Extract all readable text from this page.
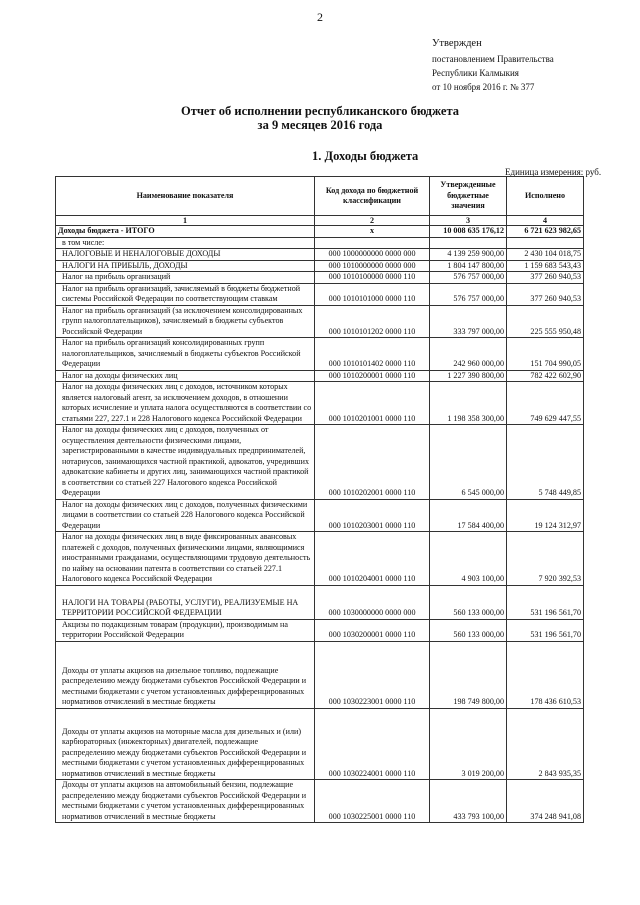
2
Утвержден
постановлением Правительства
Республики Калмыкия
от 10 ноября 2016 г. № 377
Отчет об исполнении республиканского бюджета
за 9 месяцев 2016 года
1. Доходы бюджета
Единица измерения: руб.
Наименование показателя	Код дохода по бюджетной классификации	Утвержденные бюджетные значения	Исполнено
1	2	3	4
Доходы бюджета - ИТОГО	x	10 008 635 176,12	6 721 623 982,65
в том числе:			
НАЛОГОВЫЕ И НЕНАЛОГОВЫЕ ДОХОДЫ	000 1000000000 0000 000	4 139 259 900,00	2 430 104 018,75
НАЛОГИ НА ПРИБЫЛЬ, ДОХОДЫ	000 1010000000 0000 000	1 804 147 800,00	1 159 683 543,43
Налог на прибыль организаций	000 1010100000 0000 110	576 757 000,00	377 260 940,53
Налог на прибыль организаций, зачисляемый в бюджеты бюджетной системы Российской Федерации по соответствующим ставкам	000 1010101000 0000 110	576 757 000,00	377 260 940,53
Налог на прибыль организаций (за исключением консолидированных групп налогоплательщиков), зачисляемый в бюджеты субъектов Российской Федерации	000 1010101202 0000 110	333 797 000,00	225 555 950,48
Налог на прибыль организаций консолидированных групп налогоплательщиков, зачисляемый в бюджеты субъектов Российской Федерации	000 1010101402 0000 110	242 960 000,00	151 704 990,05
Налог на доходы физических лиц	000 1010200001 0000 110	1 227 390 800,00	782 422 602,90
Налог на доходы физических лиц с доходов, источником которых является налоговый агент, за исключением доходов, в отношении которых исчисление и уплата налога осуществляются в соответствии со статьями 227, 227.1 и 228 Налогового кодекса Российской Федерации	000 1010201001 0000 110	1 198 358 300,00	749 629 447,55
Налог на доходы физических лиц с доходов, полученных от осуществления деятельности физическими лицами, зарегистрированными в качестве индивидуальных предпринимателей, нотариусов, занимающихся частной практикой, адвокатов, учредивших адвокатские кабинеты и других лиц, занимающихся частной практикой в соответствии со статьей 227 Налогового кодекса Российской Федерации	000 1010202001 0000 110	6 545 000,00	5 748 449,85
Налог на доходы физических лиц с доходов, полученных физическими лицами в соответствии со статьей 228 Налогового кодекса Российской Федерации	000 1010203001 0000 110	17 584 400,00	19 124 312,97
Налог на доходы физических лиц в виде фиксированных авансовых платежей с доходов, полученных физическими лицами, являющимися иностранными гражданами, осуществляющими трудовую деятельность по найму на основании патента в соответствии со статьей 227.1 Налогового кодекса Российской Федерации	000 1010204001 0000 110	4 903 100,00	7 920 392,53
НАЛОГИ НА ТОВАРЫ (РАБОТЫ, УСЛУГИ), РЕАЛИЗУЕМЫЕ НА ТЕРРИТОРИИ РОССИЙСКОЙ ФЕДЕРАЦИИ	000 1030000000 0000 000	560 133 000,00	531 196 561,70
Акцизы по подакцизным товарам (продукции), производимым на территории Российской Федерации	000 1030200001 0000 110	560 133 000,00	531 196 561,70
Доходы от уплаты акцизов на дизельное топливо, подлежащие распределению между бюджетами субъектов Российской Федерации и местными бюджетами с учетом установленных дифференцированных нормативов отчислений в местные бюджеты	000 1030223001 0000 110	198 749 800,00	178 436 610,53
Доходы от уплаты акцизов на моторные масла для дизельных и (или) карбюраторных (инжекторных) двигателей, подлежащие распределению между бюджетами субъектов Российской Федерации и местными бюджетами с учетом установленных дифференцированных нормативов отчислений в местные бюджеты	000 1030224001 0000 110	3 019 200,00	2 843 935,35
Доходы от уплаты акцизов на автомобильный бензин, подлежащие распределению между бюджетами субъектов Российской Федерации и местными бюджетами с учетом установленных дифференцированных нормативов отчислений в местные бюджеты	000 1030225001 0000 110	433 793 100,00	374 248 941,08
